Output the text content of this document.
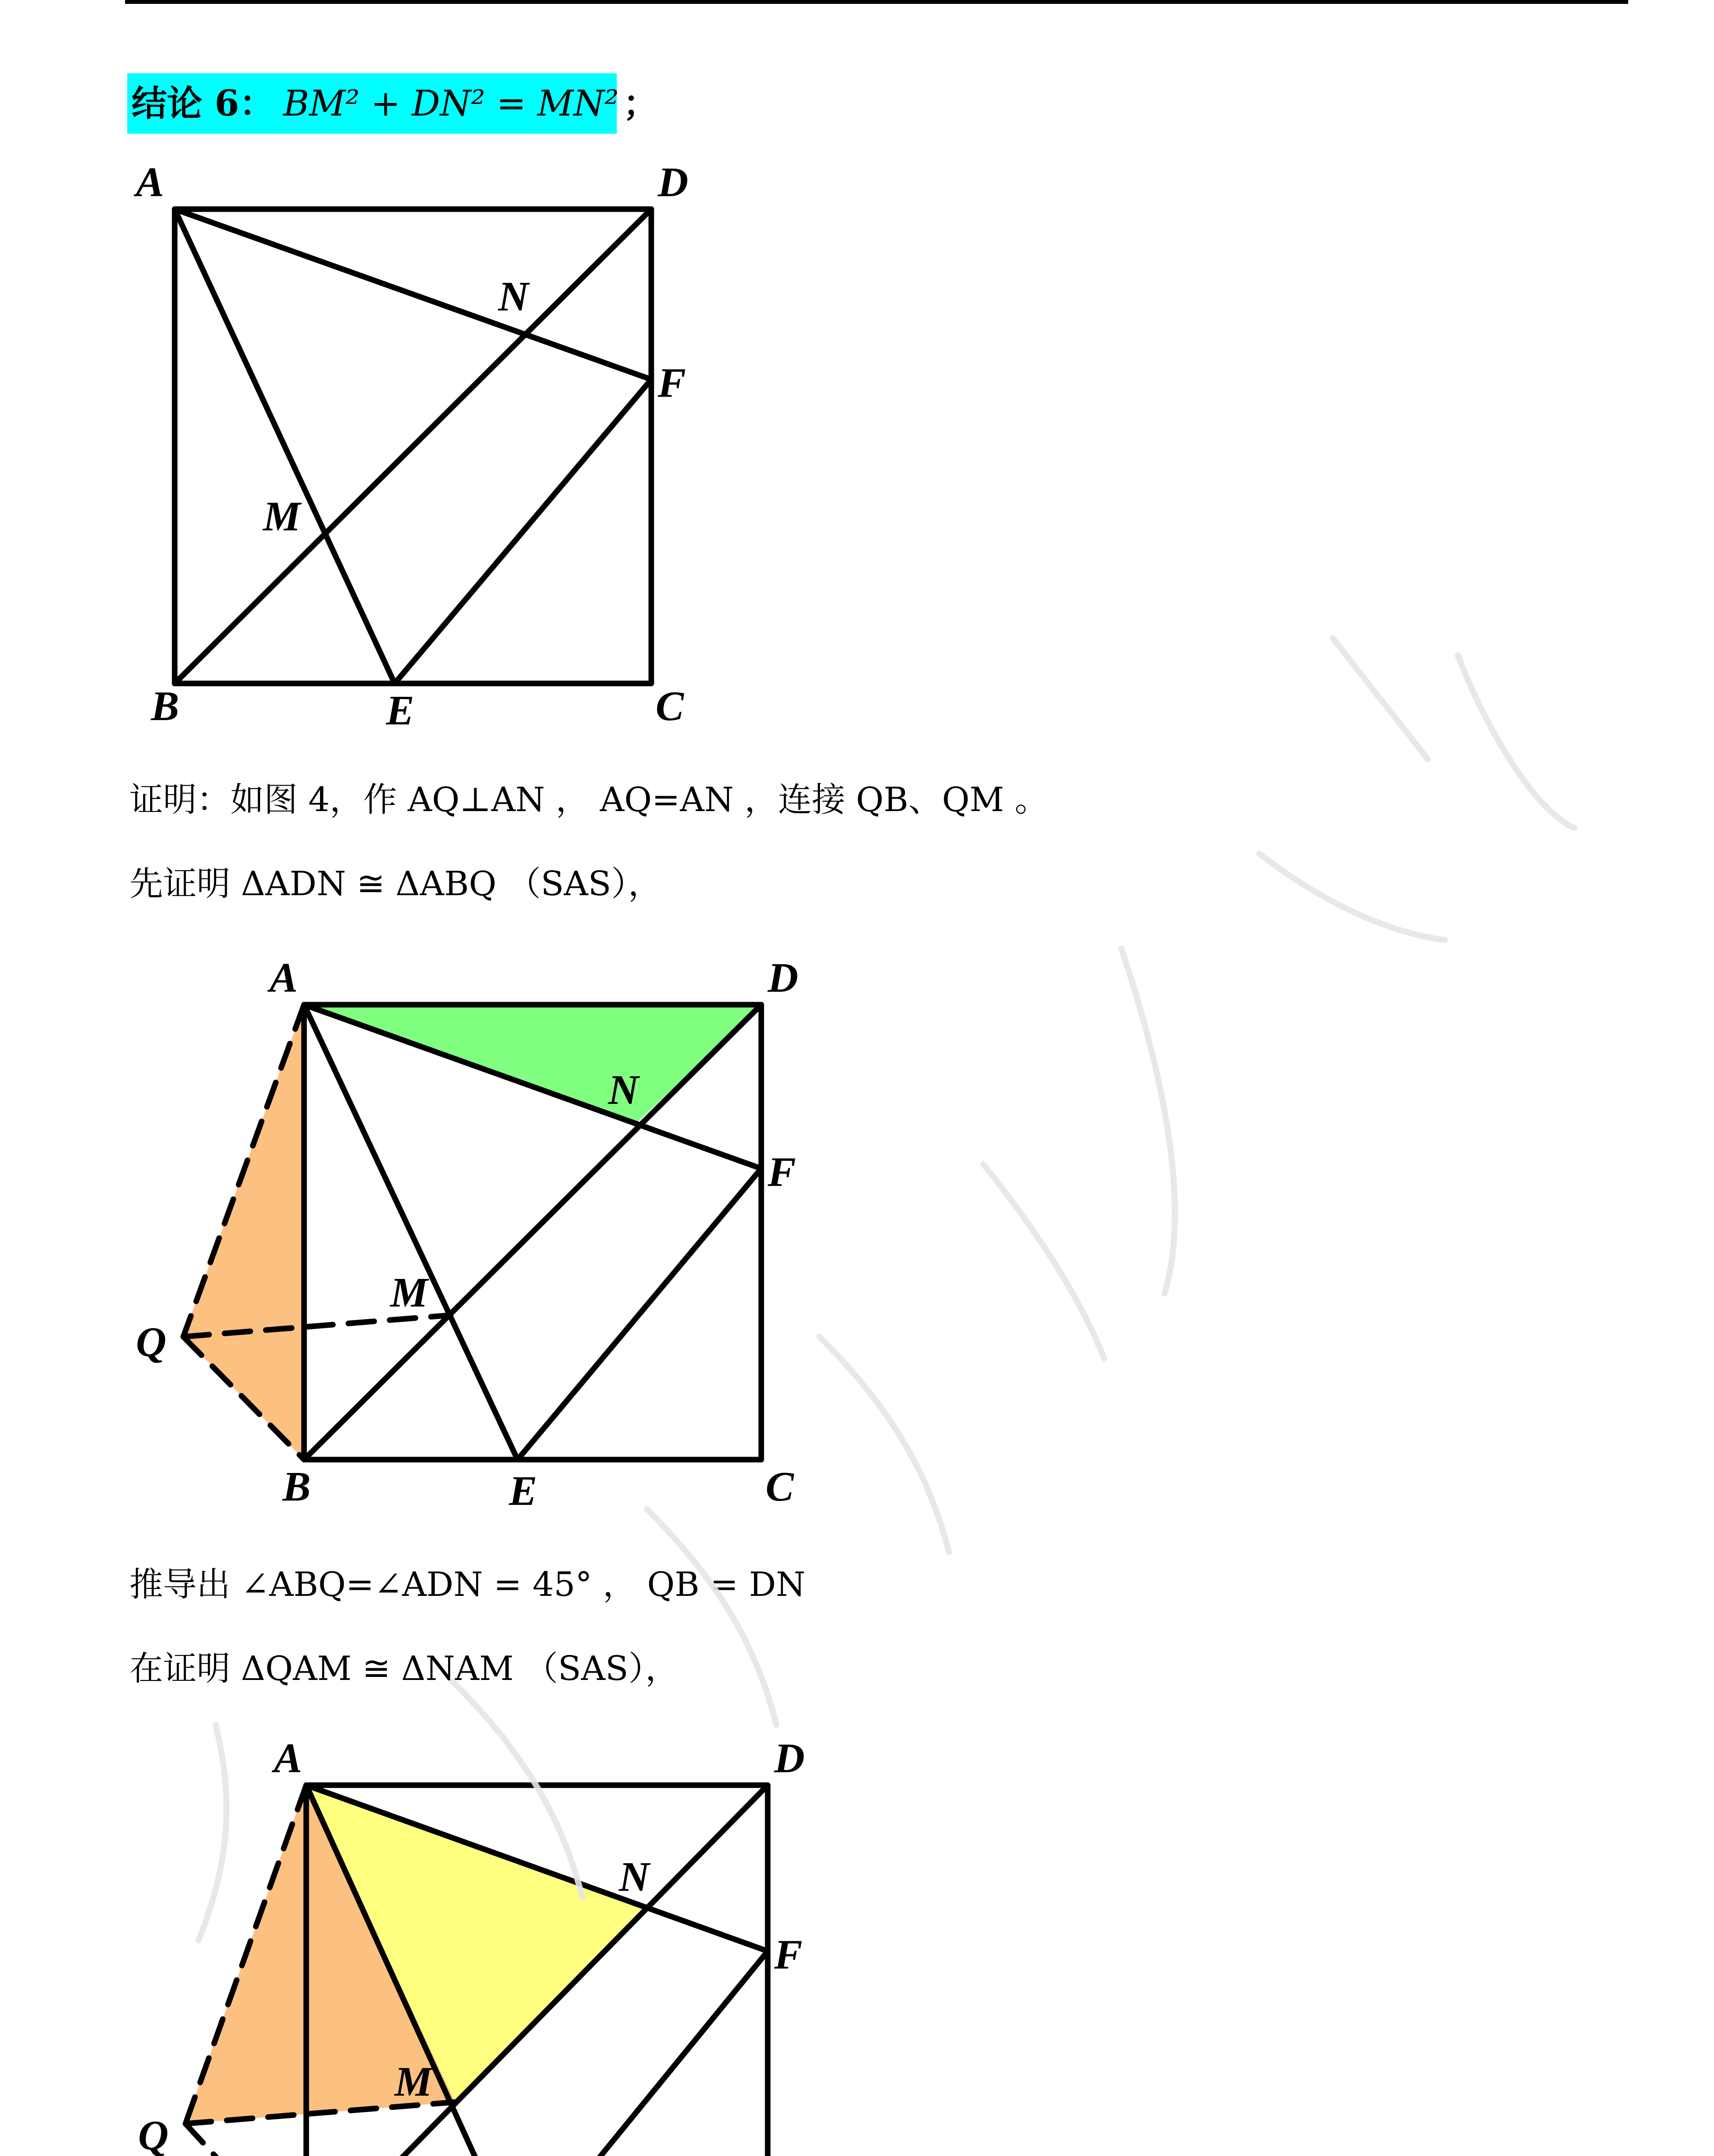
结论 6： BM² + DN² = MN² ；
A	D
B	C
E
F
N
M
证明：如图 4，作 AQ⊥AN ， AQ=AN ，连接 QB、QM 。
先证明 ΔADN ≅ ΔABQ （SAS），
A	D
B	C
E
F
N
M
Q
推导出 ∠ABQ=∠ADN = 45° ， QB = DN
在证明 ΔQAM ≅ ΔNAM （SAS），
A	D
F
N
M
Q
